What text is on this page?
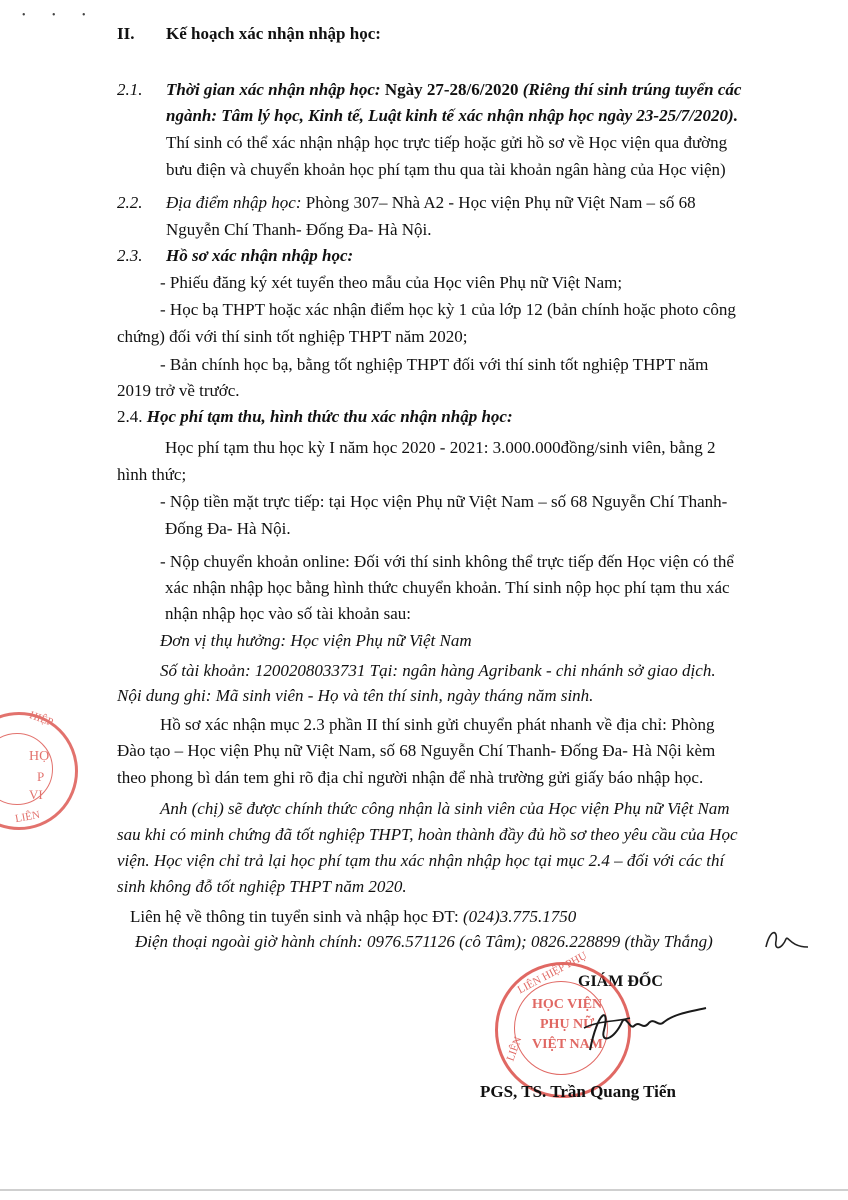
• • •
II. Kế hoạch xác nhận nhập học:
2.1. Thời gian xác nhận nhập học: Ngày 27-28/6/2020 (Riêng thí sinh trúng tuyển các
ngành: Tâm lý học, Kinh tế, Luật kinh tế xác nhận nhập học ngày 23-25/7/2020).
Thí sinh có thể xác nhận nhập học trực tiếp hoặc gửi hồ sơ về Học viện qua đường
bưu điện và chuyển khoản học phí tạm thu qua tài khoản ngân hàng của Học viện)
2.2. Địa điểm nhập học: Phòng 307– Nhà A2 - Học viện Phụ nữ Việt Nam – số 68
Nguyễn Chí Thanh- Đống Đa- Hà Nội.
2.3. Hồ sơ xác nhận nhập học:
- Phiếu đăng ký xét tuyển theo mẫu của Học viên Phụ nữ Việt Nam;
- Học bạ THPT hoặc xác nhận điểm học kỳ 1 của lớp 12 (bản chính hoặc photo công
chứng) đối với thí sinh tốt nghiệp THPT năm 2020;
- Bản chính học bạ, bằng tốt nghiệp THPT đối với thí sinh tốt nghiệp THPT năm
2019 trở về trước.
2.4. Học phí tạm thu, hình thức thu xác nhận nhập học:
Học phí tạm thu học kỳ I năm học 2020 - 2021: 3.000.000đồng/sinh viên, bằng 2
hình thức;
- Nộp tiền mặt trực tiếp: tại Học viện Phụ nữ Việt Nam – số 68 Nguyễn Chí Thanh-
Đống Đa- Hà Nội.
- Nộp chuyển khoản online: Đối với thí sinh không thể trực tiếp đến Học viện có thể
xác nhận nhập học bằng hình thức chuyển khoản. Thí sinh nộp học phí tạm thu xác
nhận nhập học vào số tài khoản sau:
Đơn vị thụ hưởng: Học viện Phụ nữ Việt Nam
Số tài khoản: 1200208033731 Tại: ngân hàng Agribank - chi nhánh sở giao dịch.
Nội dung ghi: Mã sinh viên - Họ và tên thí sinh, ngày tháng năm sinh.
Hồ sơ xác nhận mục 2.3 phần II thí sinh gửi chuyển phát nhanh về địa chỉ: Phòng
Đào tạo – Học viện Phụ nữ Việt Nam, số 68 Nguyễn Chí Thanh- Đống Đa- Hà Nội kèm
theo phong bì dán tem ghi rõ địa chỉ người nhận để nhà trường gửi giấy báo nhập học.
Anh (chị) sẽ được chính thức công nhận là sinh viên của Học viện Phụ nữ Việt Nam
sau khi có minh chứng đã tốt nghiệp THPT, hoàn thành đầy đủ hồ sơ theo yêu cầu của Học
viện. Học viện chỉ trả lại học phí tạm thu xác nhận nhập học tại mục 2.4 – đối với các thí
sinh không đỗ tốt nghiệp THPT năm 2020.
Liên hệ về thông tin tuyển sinh và nhập học ĐT: (024)3.775.1750
Điện thoại ngoài giờ hành chính: 0976.571126 (cô Tâm); 0826.228899 (thầy Thắng)
HIỆP
HỌ
P
VI
LIÊN
GIÁM ĐỐC
LIÊN HIỆP PHỤ
LIÊN
HỌC VIỆN
PHỤ NỮ
VIỆT NAM
PGS, TS. Trần Quang Tiến
